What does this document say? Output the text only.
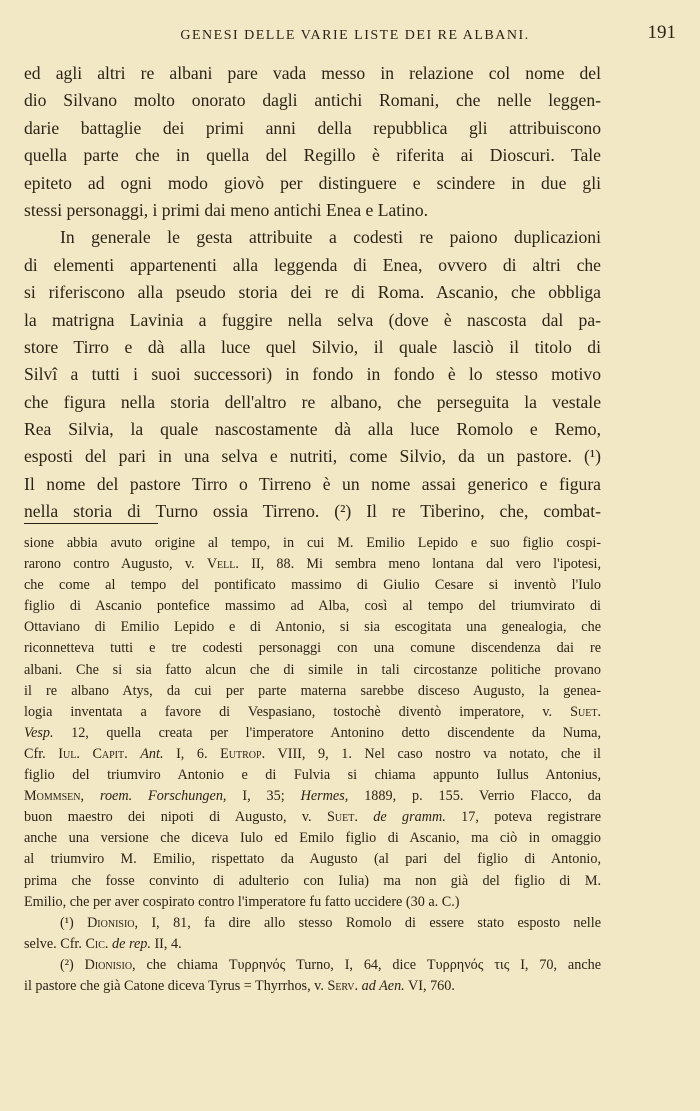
GENESI DELLE VARIE LISTE DEI RE ALBANI.	191
ed agli altri re albani pare vada messo in relazione col nome del
dio Silvano molto onorato dagli antichi Romani, che nelle leggen-
darie battaglie dei primi anni della repubblica gli attribuiscono
quella parte che in quella del Regillo è riferita ai Dioscuri. Tale
epiteto ad ogni modo giovò per distinguere e scindere in due gli
stessi personaggi, i primi dai meno antichi Enea e Latino.
In generale le gesta attribuite a codesti re paiono duplicazioni
di elementi appartenenti alla leggenda di Enea, ovvero di altri che
si riferiscono alla pseudo storia dei re di Roma. Ascanio, che obbliga
la matrigna Lavinia a fuggire nella selva (dove è nascosta dal pa-
store Tirro e dà alla luce quel Silvio, il quale lasciò il titolo di
Silvî a tutti i suoi successori) in fondo in fondo è lo stesso motivo
che figura nella storia dell'altro re albano, che perseguita la vestale
Rea Silvia, la quale nascostamente dà alla luce Romolo e Remo,
esposti del pari in una selva e nutriti, come Silvio, da un pastore. (¹)
Il nome del pastore Tirro o Tirreno è un nome assai generico e figura
nella storia di Turno ossia Tirreno. (²) Il re Tiberino, che, combat-
sione abbia avuto origine al tempo, in cui M. Emilio Lepido e suo figlio cospi-
rarono contro Augusto, v. Vell. II, 88. Mi sembra meno lontana dal vero l'ipotesi,
che come al tempo del pontificato massimo di Giulio Cesare si inventò l'Iulo
figlio di Ascanio pontefice massimo ad Alba, così al tempo del triumvirato di
Ottaviano di Emilio Lepido e di Antonio, si sia escogitata una genealogia, che
riconnetteva tutti e tre codesti personaggi con una comune discendenza dai re
albani. Che si sia fatto alcun che di simile in tali circostanze politiche provano
il re albano Atys, da cui per parte materna sarebbe disceso Augusto, la genea-
logia inventata a favore di Vespasiano, tostochè diventò imperatore, v. Suet.
Vesp. 12, quella creata per l'imperatore Antonino detto discendente da Numa,
Cfr. Iul. Capit. Ant. I, 6. Eutrop. VIII, 9, 1. Nel caso nostro va notato, che il
figlio del triumviro Antonio e di Fulvia si chiama appunto Iullus Antonius,
Mommsen, roem. Forschungen, I, 35; Hermes, 1889, p. 155. Verrio Flacco, da
buon maestro dei nipoti di Augusto, v. Suet. de gramm. 17, poteva registrare
anche una versione che diceva Iulo ed Emilo figlio di Ascanio, ma ciò in omaggio
al triumviro M. Emilio, rispettato da Augusto (al pari del figlio di Antonio,
prima che fosse convinto di adulterio con Iulia) ma non già del figlio di M.
Emilio, che per aver cospirato contro l'imperatore fu fatto uccidere (30 a. C.)
(¹) Dionisio, I, 81, fa dire allo stesso Romolo di essere stato esposto nelle
selve. Cfr. Cic. de rep. II, 4.
(²) Dionisio, che chiama Τυρρηνός Turno, I, 64, dice Τυρρηνός τις I, 70, anche
il pastore che già Catone diceva Tyrus = Thyrrhos, v. Serv. ad Aen. VI, 760.
